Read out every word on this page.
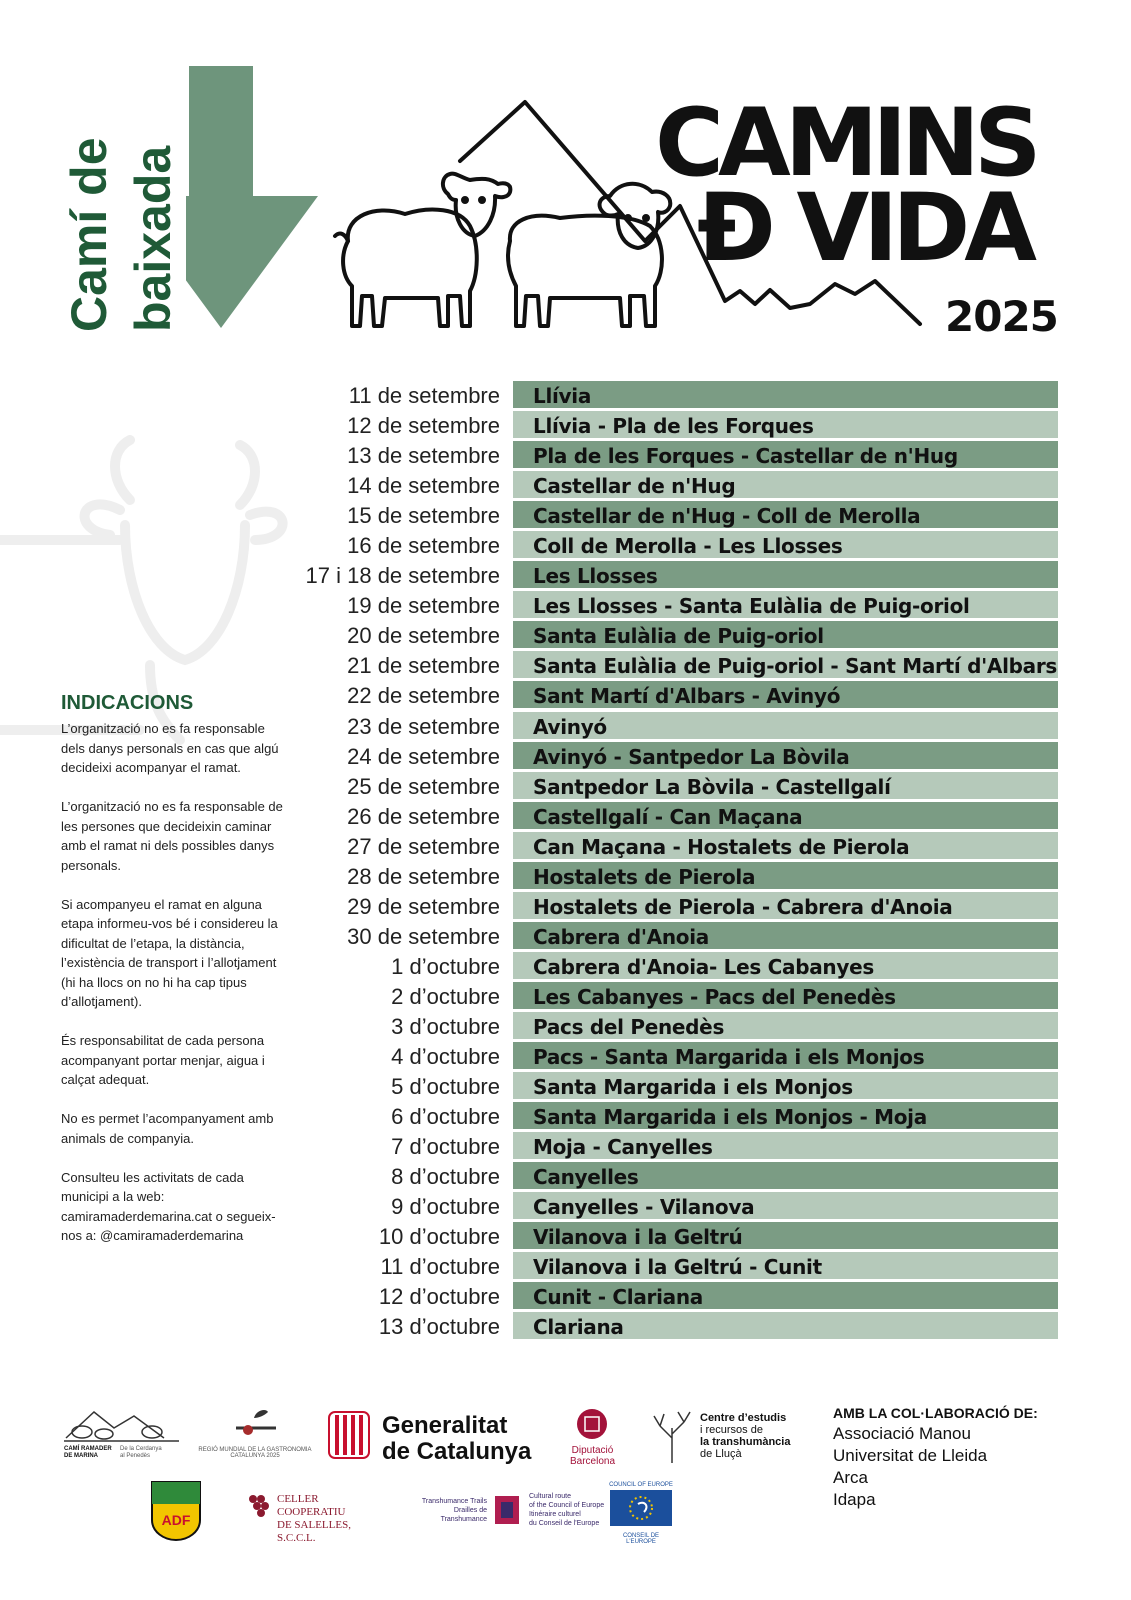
Camí de baixada
CAMINS
Đ VIDA
2025
11 de setembre	Llívia
12 de setembre	Llívia - Pla de les Forques
13 de setembre	Pla de les Forques - Castellar de n'Hug
14 de setembre	Castellar de n'Hug
15 de setembre	Castellar de n'Hug - Coll de Merolla
16 de setembre	Coll de Merolla - Les Llosses
17 i 18 de setembre	Les Llosses
19 de setembre	Les Llosses - Santa Eulàlia de Puig-oriol
20 de setembre	Santa Eulàlia de Puig-oriol
21 de setembre	Santa Eulàlia de Puig-oriol - Sant Martí d'Albars
22 de setembre	Sant Martí d'Albars - Avinyó
23 de setembre	Avinyó
24 de setembre	Avinyó - Santpedor La Bòvila
25 de setembre	Santpedor La Bòvila - Castellgalí
26 de setembre	Castellgalí - Can Maçana
27 de setembre	Can Maçana - Hostalets de Pierola
28 de setembre	Hostalets de Pierola
29 de setembre	Hostalets de Pierola - Cabrera d'Anoia
30 de setembre	Cabrera d'Anoia
1 d’octubre	Cabrera d'Anoia- Les Cabanyes
2 d’octubre	Les Cabanyes - Pacs del Penedès
3 d’octubre	Pacs del Penedès
4 d’octubre	Pacs - Santa Margarida i els Monjos
5 d’octubre	Santa Margarida i els Monjos
6 d’octubre	Santa Margarida i els Monjos - Moja
7 d’octubre	Moja - Canyelles
8 d’octubre	Canyelles
9 d’octubre	Canyelles - Vilanova
10 d’octubre	Vilanova i la Geltrú
11 d’octubre	Vilanova i la Geltrú - Cunit
12 d’octubre	Cunit - Clariana
13 d’octubre	Clariana
INDICACIONS

L’organització no es fa responsable dels danys personals en cas que algú decideixi acompanyar el ramat.

L’organització no es fa responsable de les persones que decideixin caminar amb el ramat ni dels possibles danys personals.

Si acompanyeu el ramat en alguna etapa informeu-vos bé i considereu la dificultat de l’etapa, la distància, l’existència de transport i l’allotjament (hi ha llocs on no hi ha cap tipus d’allotjament).

És responsabilitat de cada persona acompanyant portar menjar, aigua i calçat adequat.

No es permet l’acompanyament amb animals de companyia.

Consulteu les activitats de cada municipi a la web: camiramaderdemarina.cat o segueix-nos a: @camiramaderdemarina

CAMÍ RAMADER
DE MARINA
De la Cerdanya
al Penedès
REGIÓ MUNDIAL DE LA GASTRONOMIA
CATALUNYA 2025
Generalitat
de Catalunya	Diputació
Barcelona
Centre d’estudis
i recursos de
la transhumància
de Lluçà
ADF
CELLER COOPERATIU
DE SALELLES, S.C.C.L.
Transhumance Trails
Drailles de Transhumance
Cultural route
of the Council of Europe
Itinéraire culturel
du Conseil de l'Europe
COUNCIL OF EUROPE
CONSEIL DE L'EUROPE
AMB LA COL·LABORACIÓ DE:
Associació Manou
Universitat de Lleida
Arca
Idapa
